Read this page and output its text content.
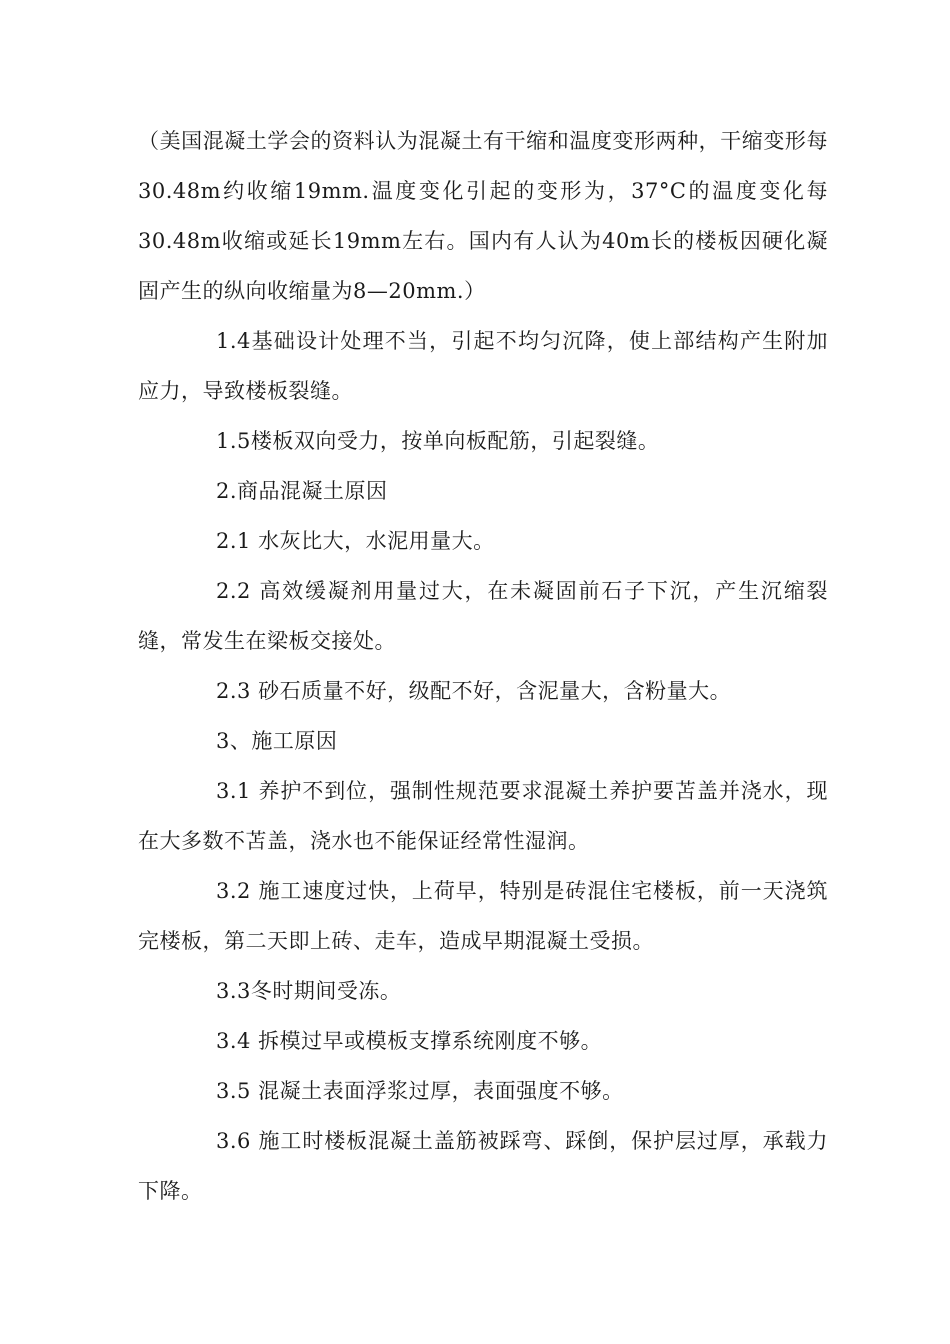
（美国混凝土学会的资料认为混凝土有干缩和温度变形两种，干缩变形每30.48m约收缩19mm.温度变化引起的变形为，37°C的温度变化每30.48m收缩或延长19mm左右。国内有人认为40m长的楼板因硬化凝固产生的纵向收缩量为8—20mm.）

1.4基础设计处理不当，引起不均匀沉降，使上部结构产生附加应力，导致楼板裂缝。

1.5楼板双向受力，按单向板配筋，引起裂缝。

2.商品混凝土原因

2.1 水灰比大，水泥用量大。

2.2 高效缓凝剂用量过大，在未凝固前石子下沉，产生沉缩裂缝，常发生在梁板交接处。

2.3 砂石质量不好，级配不好，含泥量大，含粉量大。

3、施工原因

3.1 养护不到位，强制性规范要求混凝土养护要苫盖并浇水，现在大多数不苫盖，浇水也不能保证经常性湿润。

3.2 施工速度过快，上荷早，特别是砖混住宅楼板，前一天浇筑完楼板，第二天即上砖、走车，造成早期混凝土受损。

3.3冬时期间受冻。

3.4 拆模过早或模板支撑系统刚度不够。

3.5 混凝土表面浮浆过厚，表面强度不够。

3.6 施工时楼板混凝土盖筋被踩弯、踩倒，保护层过厚，承载力下降。
